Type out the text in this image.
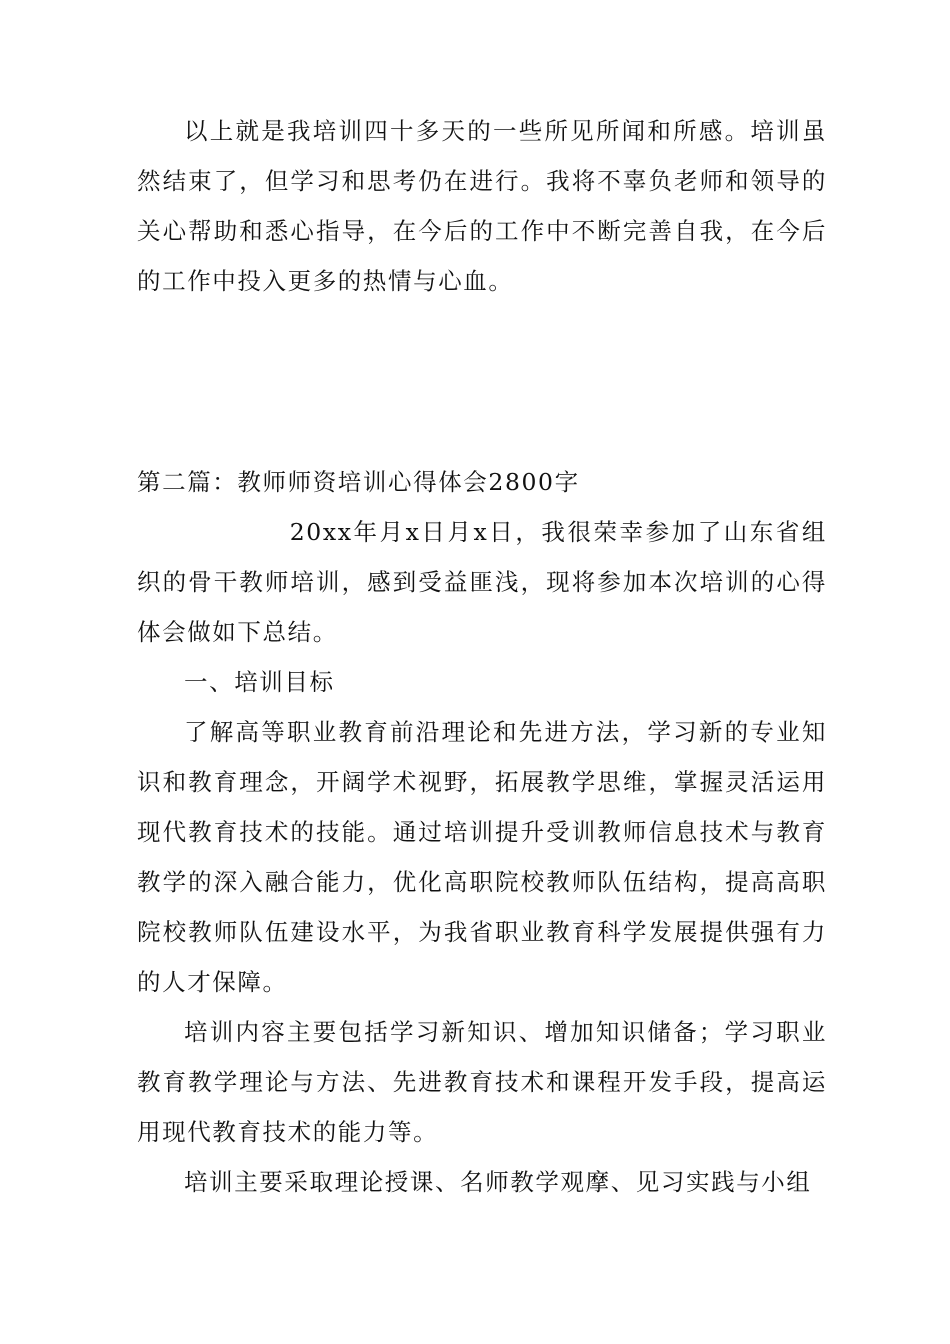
以上就是我培训四十多天的一些所见所闻和所感。培训虽然结束了，但学习和思考仍在进行。我将不辜负老师和领导的关心帮助和悉心指导，在今后的工作中不断完善自我，在今后的工作中投入更多的热情与心血。

第二篇：教师师资培训心得体会2800字

20xx年月x日月x日，我很荣幸参加了山东省组织的骨干教师培训，感到受益匪浅，现将参加本次培训的心得体会做如下总结。

一、培训目标

了解高等职业教育前沿理论和先进方法，学习新的专业知识和教育理念，开阔学术视野，拓展教学思维，掌握灵活运用现代教育技术的技能。通过培训提升受训教师信息技术与教育教学的深入融合能力，优化高职院校教师队伍结构，提高高职院校教师队伍建设水平，为我省职业教育科学发展提供强有力的人才保障。

培训内容主要包括学习新知识、增加知识储备；学习职业教育教学理论与方法、先进教育技术和课程开发手段，提高运用现代教育技术的能力等。

培训主要采取理论授课、名师教学观摩、见习实践与小组
